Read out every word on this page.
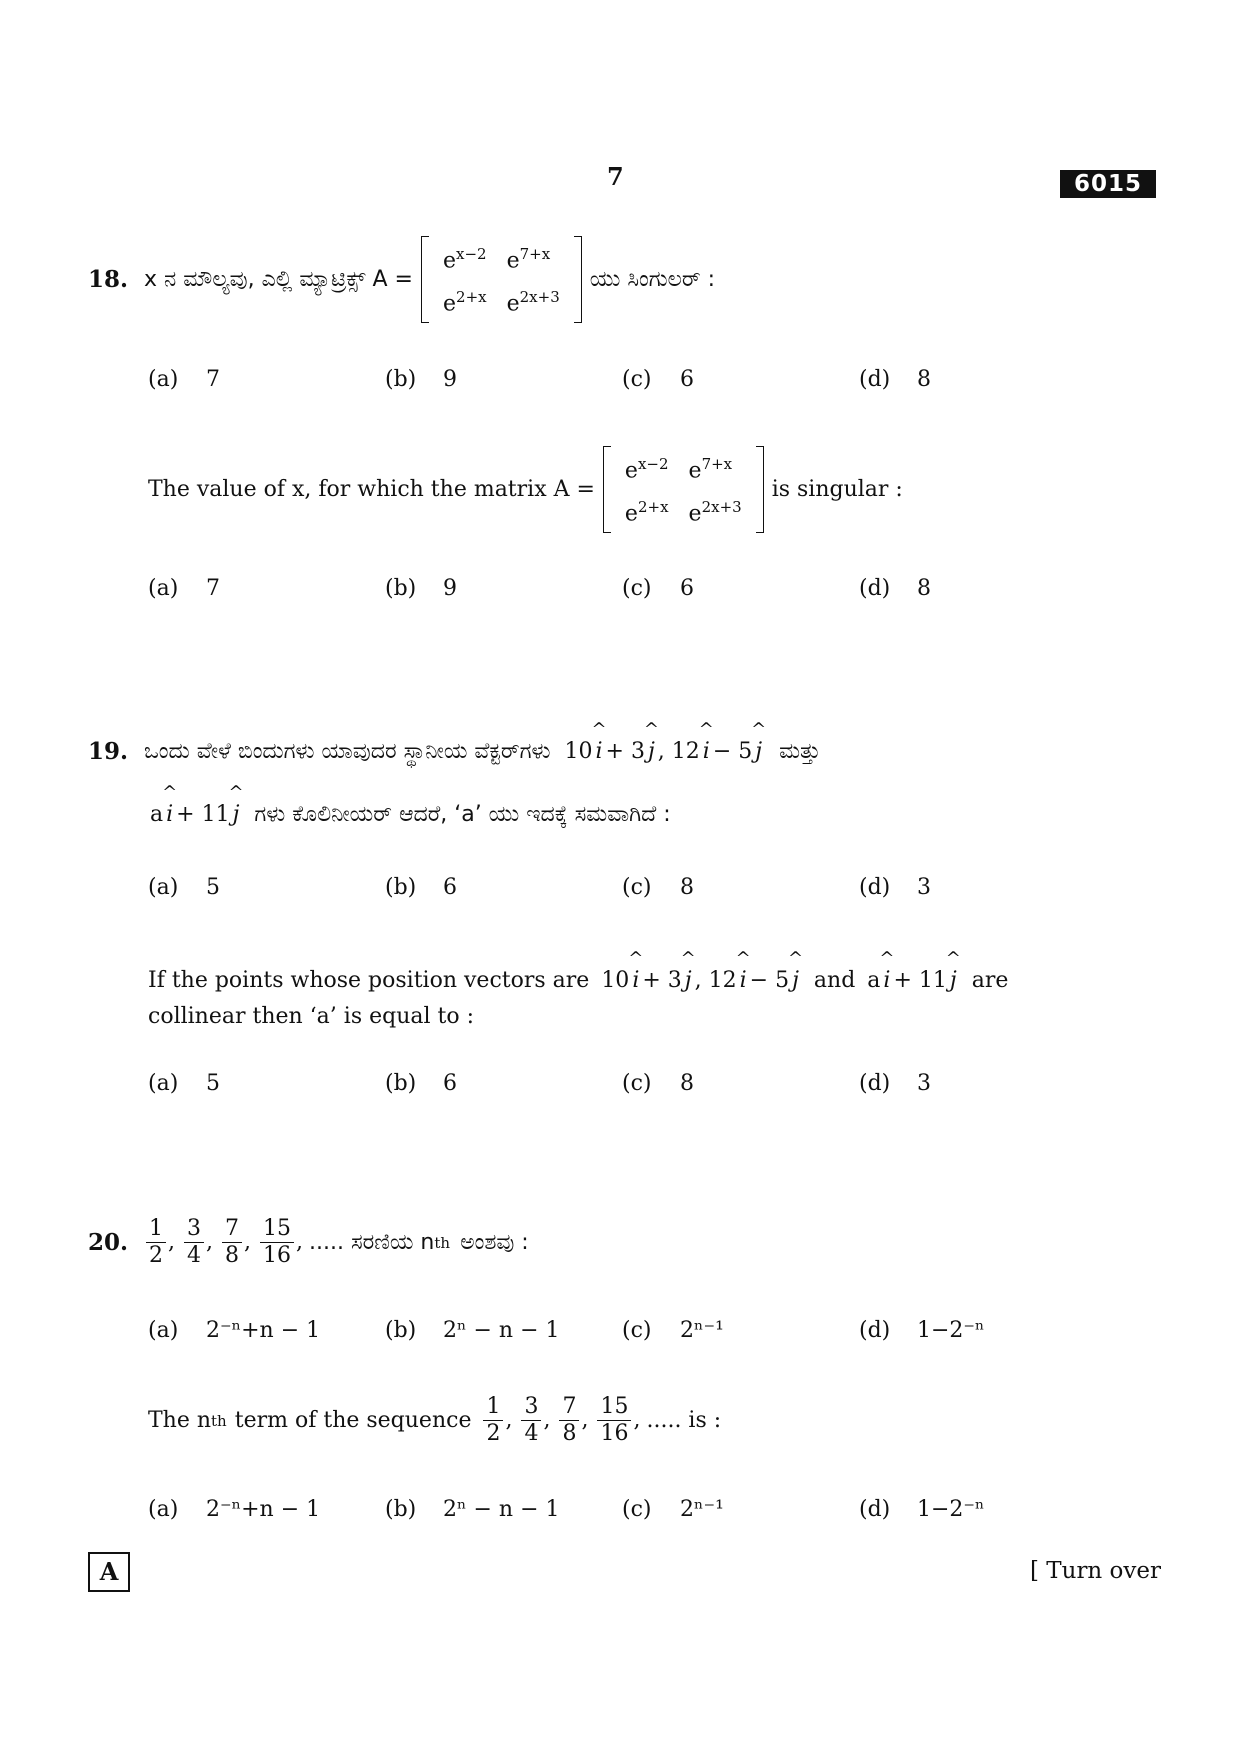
7	6015
18. x ನ ಮೌಲ್ಯವು, ಎಲ್ಲಿ ಮ್ಯಾಟ್ರಿಕ್ಸ್ A =
$e^{x-2}$	$e^{7+x}$
$e^{2+x}$	$e^{2x+3}$
ಯು ಸಿಂಗುಲರ್ :
(a) 7	(b) 9	(c) 6	(d) 8
The value of x, for which the matrix A =
$e^{x-2}$	$e^{7+x}$
$e^{2+x}$	$e^{2x+3}$
is singular :
(a) 7	(b) 9	(c) 6	(d) 8
19. ಒಂದು ವೇಳೆ ಬಿಂದುಗಳು ಯಾವುದರ ಸ್ಥಾನೀಯ ವೆಕ್ಟರ್‌ಗಳು 10 ^ i + 3 ^ j , 12 ^ i − 5 ^ j ಮತ್ತು
a ^ i + 11 ^ j ಗಳು ಕೊಲಿನೀಯರ್ ಆದರೆ, ‘a’ ಯು ಇದಕ್ಕೆ ಸಮವಾಗಿದೆ :
(a) 5	(b) 6	(c) 8	(d) 3
If the points whose position vectors are 10 ^ i + 3 ^ j , 12 ^ i − 5 ^ j and a ^ i + 11 ^ j are
collinear then ‘a’ is equal to :
(a) 5	(b) 6	(c) 8	(d) 3
20. $\frac{1}{2}$ , $\frac{3}{4}$ , $\frac{7}{8}$ , $\frac{15}{16}$ , ..... ಸರಣಿಯ n th ಅಂಶವು :
(a) 2⁻ⁿ+n − 1	(b) 2ⁿ − n − 1	(c) 2ⁿ⁻¹	(d) 1−2⁻ⁿ
The n th term of the sequence $\frac{1}{2}$ , $\frac{3}{4}$ , $\frac{7}{8}$ , $\frac{15}{16}$ , ..... is :
(a) 2⁻ⁿ+n − 1	(b) 2ⁿ − n − 1	(c) 2ⁿ⁻¹	(d) 1−2⁻ⁿ
A	[ Turn over
